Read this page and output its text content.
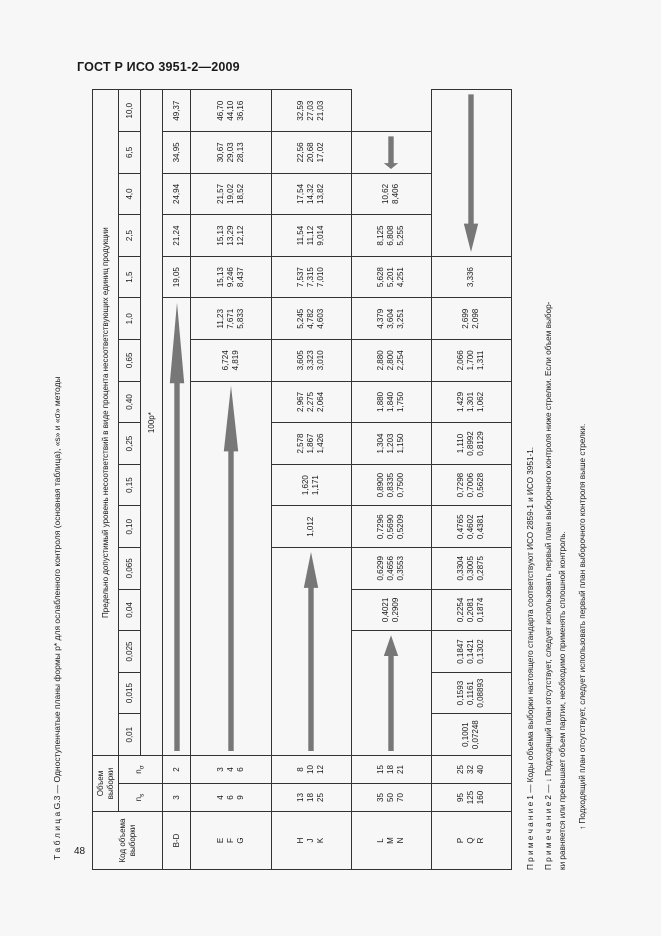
ГОСТ Р ИСО 3951-2—2009
48
Т а б л и ц а G.3 — Одноступенчатые планы формы p* для ослабленного контроля (основная таблица), «s» и «σ» методы	Код объема выборки	Объем выборки		Предельно допустимый уровень несоответствий в виде процента несоответствующих единиц продукции															
	$n_s$	$n_\sigma$	0,01	0,015	0,025	0,04	0,065	0,10	0,15	0,25	0,40	0,65	1,0	1,5	2,5	4,0	6,5	10,0
			100p*															

B-D	3	2												19,05	21,24	24,94	34,95	49,37

E F G	4 6 9	3 4 6										6,724 4,819	11,23 7,671 5,833	15,13 9,246 8,437	15,13 13,29 12,12	21,57 19,02 18,52	30,67 29,03 28,13	46,70 44,10 36,16

H J K	13 18 25	8 10 12						1,012	1,620 1,171	2,578 1,867 1,426	2,967 2,275 2,064	3,605 3,323 3,010	5,245 4,782 4,603	7,537 7,315 7,010	11,54 11,12 9,014	17,54 14,32 13,82	22,56 20,68 17,02	32,59 27,03 21,03

L M N	35 50 70	15 18 21				0,4021 0,2909	0,6299 0,4656 0,3553	0,7296 0,5690 0,5209	0,8900 0,8335 0,7500	1,304 1,203 1,150	1,880 1,840 1,750	2,880 2,800 2,254	4,379 3,604 3,251	5,628 5,201 4,251	8,125 6,808 5,255	10,62 8,406

P Q R	95 125 160	25 32 40	0,1001 0,07248	0,1593 0,1161 0,08893	0,1847 0,1421 0,1302	0,2254 0,2081 0,1874	0,3304 0,3005 0,2875	0,4765 0,4602 0,4381	0,7298 0,7006 0,5628	1,110 0,8992 0,8129	1,429 1,301 1,062	2,066 1,700 1,311	2,699 2,098	3,336

П р и м е ч а н и е 1 — Коды объема выборки настоящего стандарта соответствуют ИСО 2859-1 и ИСО 3951-1. П р и м е ч а н и е 2 — ↓ Подходящий план отсутствует, следует использовать первый план выборочного контроля ниже стрелки. Если объем выбор- ки равняется или превышает объем партии, необходимо применять сплошной контроль. ↑ Подходящий план отсутствует, следует использовать первый план выборочного контроля выше стрелки.
